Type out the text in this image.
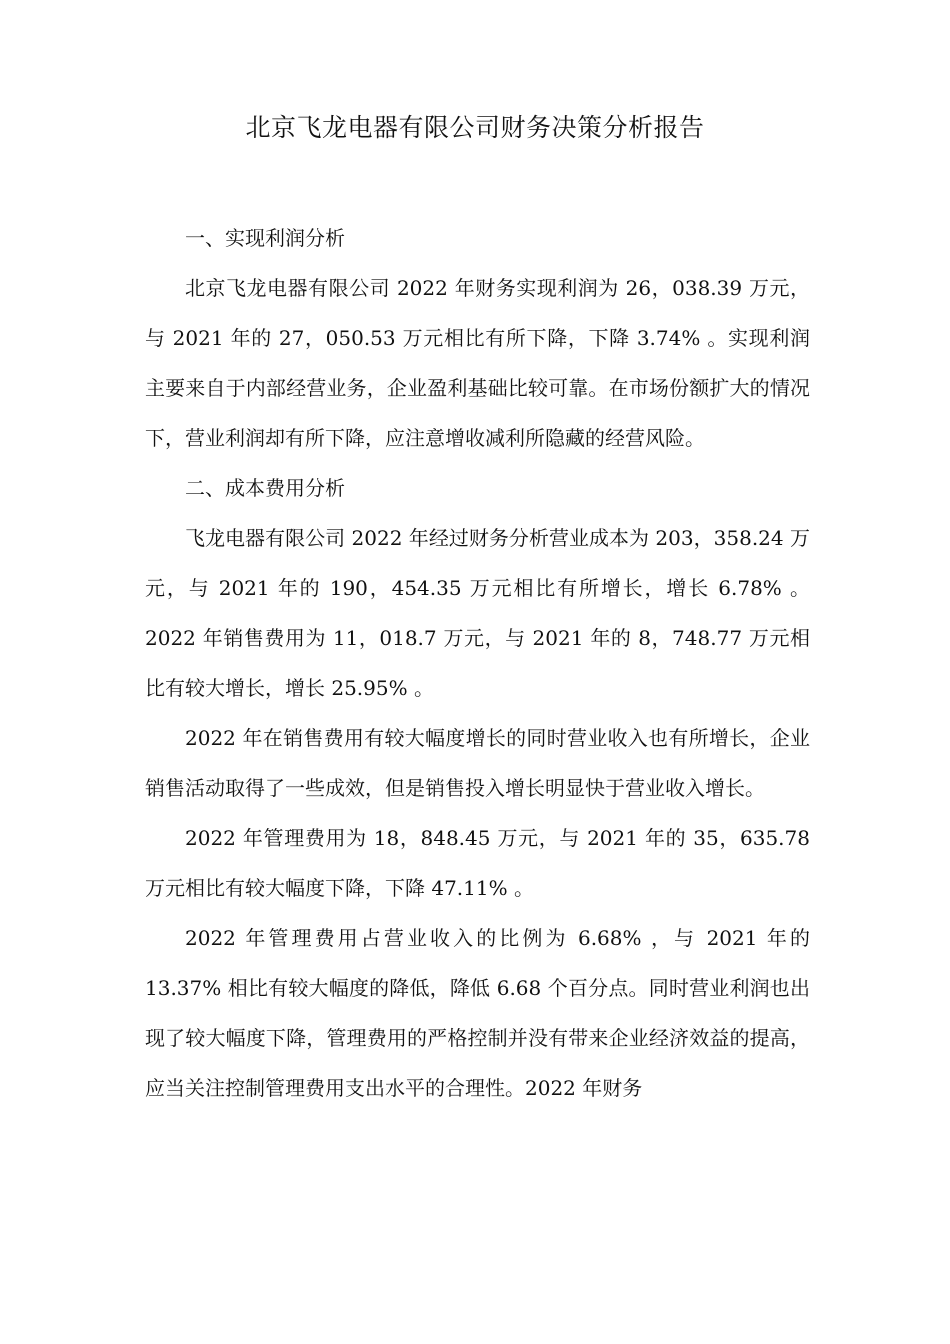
北京飞龙电器有限公司财务决策分析报告
一、实现利润分析

北京飞龙电器有限公司 2022 年财务实现利润为 26，038.39 万元，与 2021 年的 27，050.53 万元相比有所下降，下降 3.74% 。实现利润主要来自于内部经营业务，企业盈利基础比较可靠。在市场份额扩大的情况下，营业利润却有所下降，应注意增收减利所隐藏的经营风险。

二、成本费用分析

飞龙电器有限公司 2022 年经过财务分析营业成本为 203，358.24 万元，与 2021 年的 190，454.35 万元相比有所增长，增长 6.78% 。2022 年销售费用为 11，018.7 万元，与 2021 年的 8，748.77 万元相比有较大增长，增长 25.95% 。

2022 年在销售费用有较大幅度增长的同时营业收入也有所增长，企业销售活动取得了一些成效，但是销售投入增长明显快于营业收入增长。

2022 年管理费用为 18，848.45 万元，与 2021 年的 35，635.78 万元相比有较大幅度下降，下降 47.11% 。

2022 年管理费用占营业收入的比例为 6.68% ，与 2021 年的 13.37% 相比有较大幅度的降低，降低 6.68 个百分点。同时营业利润也出现了较大幅度下降，管理费用的严格控制并没有带来企业经济效益的提高，应当关注控制管理费用支出水平的合理性。2022 年财务
